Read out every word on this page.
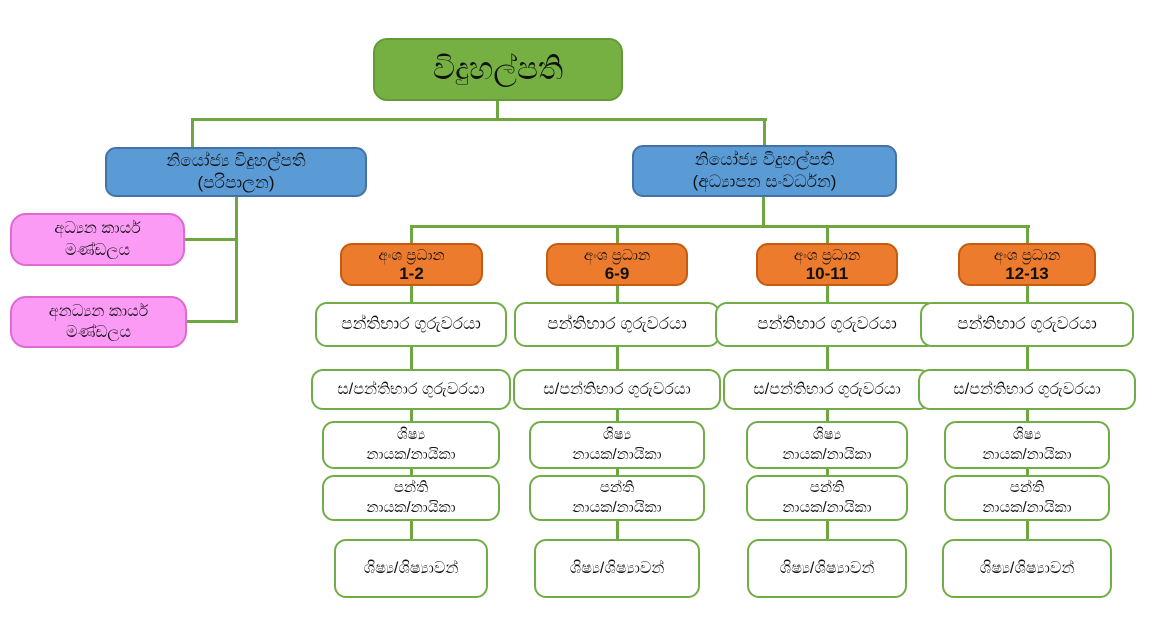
විදුහල්පති
නියෝජ්‍ය විදුහල්පති
(පරිපාලන)
නියෝජ්‍ය විදුහල්පති
(අධ්‍යාපන සංවර්ධන)
අධ්‍යන කාර්ය
මණ්ඩලය
අනධ්‍යන කාර්ය
මණ්ඩලය
අංශ ප්‍රධාන
1-2
අංශ ප්‍රධාන
6-9
අංශ ප්‍රධාන
10-11
අංශ ප්‍රධාන
12-13
පන්තිභාර ගුරුවරයා
ස/පන්තිභාර ගුරුවරයා
ශිෂ්‍ය
නායක/නායිකා
පන්ති
නායක/නායිකා
ශිෂ්‍ය/ශිෂ්‍යාවන්
පන්තිභාර ගුරුවරයා
ස/පන්තිභාර ගුරුවරයා
ශිෂ්‍ය
නායක/නායිකා
පන්ති
නායක/නායිකා
ශිෂ්‍ය/ශිෂ්‍යාවන්
පන්තිභාර ගුරුවරයා
ස/පන්තිභාර ගුරුවරයා
ශිෂ්‍ය
නායක/නායිකා
පන්ති
නායක/නායිකා
ශිෂ්‍ය/ශිෂ්‍යාවන්
පන්තිභාර ගුරුවරයා
ස/පන්තිභාර ගුරුවරයා
ශිෂ්‍ය
නායක/නායිකා
පන්ති
නායක/නායිකා
ශිෂ්‍ය/ශිෂ්‍යාවන්
